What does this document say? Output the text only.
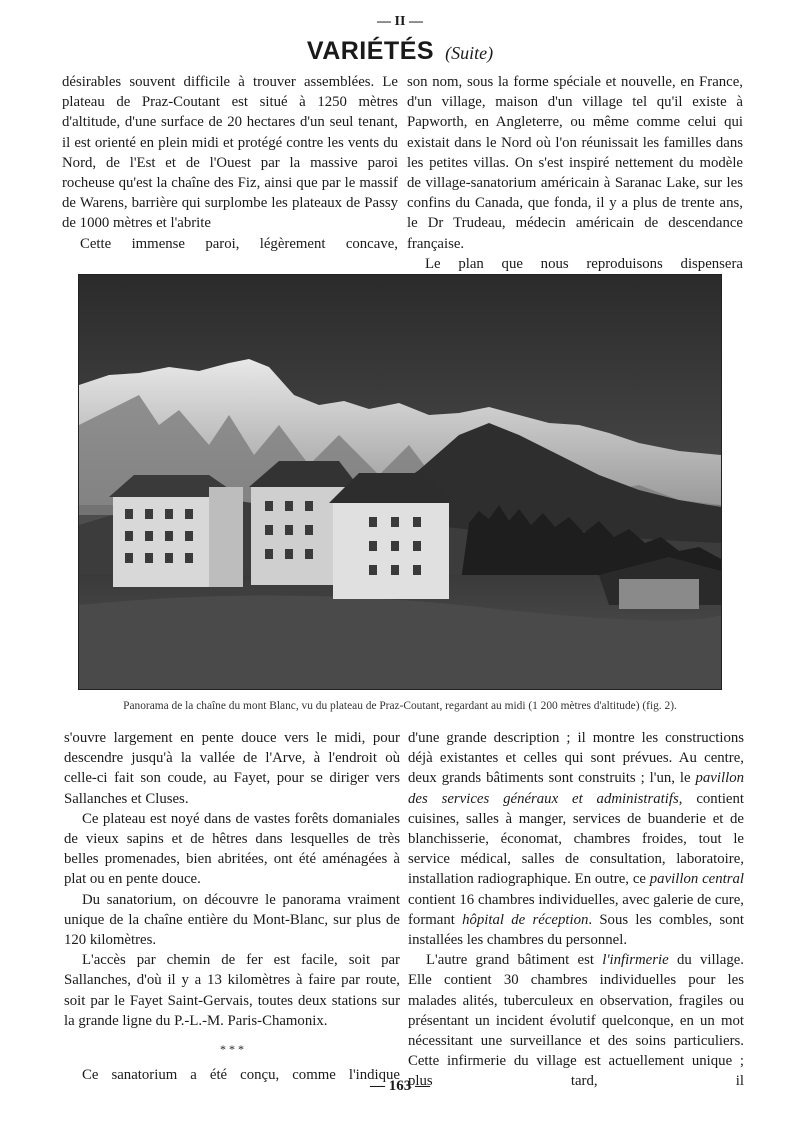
— II —
VARIÉTÉS (Suite)

désirables souvent difficile à trouver assemblées. Le plateau de Praz-Coutant est situé à 1250 mètres d'altitude, d'une surface de 20 hectares d'un seul tenant, il est orienté en plein midi et protégé contre les vents du Nord, de l'Est et de l'Ouest par la massive paroi rocheuse qu'est la chaîne des Fiz, ainsi que par le massif de Warens, barrière qui surplombe les plateaux de Passy de 1000 mètres et l'abrite

Cette immense paroi, légèrement concave,

son nom, sous la forme spéciale et nouvelle, en France, d'un village, maison d'un village tel qu'il existe à Papworth, en Angleterre, ou même comme celui qui existait dans le Nord où l'on réunissait les familles dans les petites villas. On s'est inspiré nettement du modèle de village-sanatorium américain à Saranac Lake, sur les confins du Canada, que fonda, il y a plus de trente ans, le Dr Trudeau, médecin américain de descendance française.

Le plan que nous reproduisons dispensera

Panorama de la chaîne du mont Blanc, vu du plateau de Praz-Coutant, regardant au midi (1 200 mètres d'altitude) (fig. 2).

s'ouvre largement en pente douce vers le midi, pour descendre jusqu'à la vallée de l'Arve, à l'endroit où celle-ci fait son coude, au Fayet, pour se diriger vers Sallanches et Cluses.

Ce plateau est noyé dans de vastes forêts domaniales de vieux sapins et de hêtres dans lesquelles de très belles promenades, bien abritées, ont été aménagées à plat ou en pente douce.

Du sanatorium, on découvre le panorama vraiment unique de la chaîne entière du Mont-Blanc, sur plus de 120 kilomètres.

L'accès par chemin de fer est facile, soit par Sallanches, d'où il y a 13 kilomètres à faire par route, soit par le Fayet Saint-Gervais, toutes deux stations sur la grande ligne du P.-L.-M. Paris-Chamonix.

* * *

Ce sanatorium a été conçu, comme l'indique

d'une grande description ; il montre les constructions déjà existantes et celles qui sont prévues. Au centre, deux grands bâtiments sont construits ; l'un, le pavillon des services généraux et administratifs, contient cuisines, salles à manger, services de buanderie et de blanchisserie, économat, chambres froides, tout le service médical, salles de consultation, laboratoire, installation radiographique. En outre, ce pavillon central contient 16 chambres individuelles, avec galerie de cure, formant hôpital de réception. Sous les combles, sont installées les chambres du personnel.

L'autre grand bâtiment est l'infirmerie du village. Elle contient 30 chambres individuelles pour les malades alités, tuberculeux en observation, fragiles ou présentant un incident évolutif quelconque, en un mot nécessitant une surveillance et des soins particuliers. Cette infirmerie du village est actuellement unique ; plus tard, il

— 163 —
